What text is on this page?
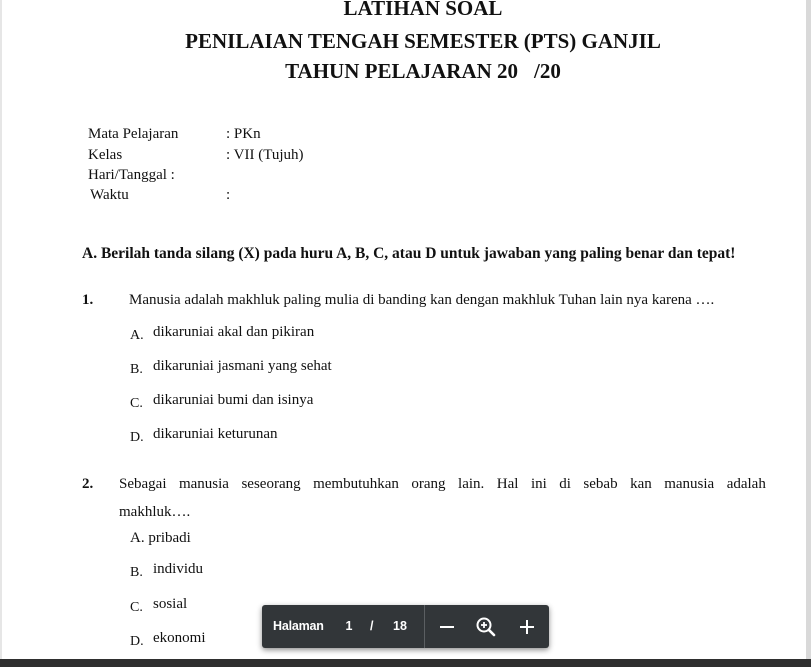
LATIHAN SOAL
PENILAIAN TENGAH SEMESTER (PTS) GANJIL
TAHUN PELAJARAN 20 /20
Mata Pelajaran	: PKn
Kelas	: VII (Tujuh)
Hari/Tanggal :
Waktu	:
A. Berilah tanda silang (X) pada huru A, B, C, atau D untuk jawaban yang paling benar dan tepat!
1. Manusia adalah makhluk paling mulia di banding kan dengan makhluk Tuhan lain nya karena ….
A. dikaruniai akal dan pikiran
B. dikaruniai jasmani yang sehat
C. dikaruniai bumi dan isinya
D. dikaruniai keturunan
2. Sebagai manusia seseorang membutuhkan orang lain. Hal ini di sebab kan manusia adalah
makhluk….
A. pribadi
B. individu
C. sosial
D. ekonomi
Halaman 1 / 18
